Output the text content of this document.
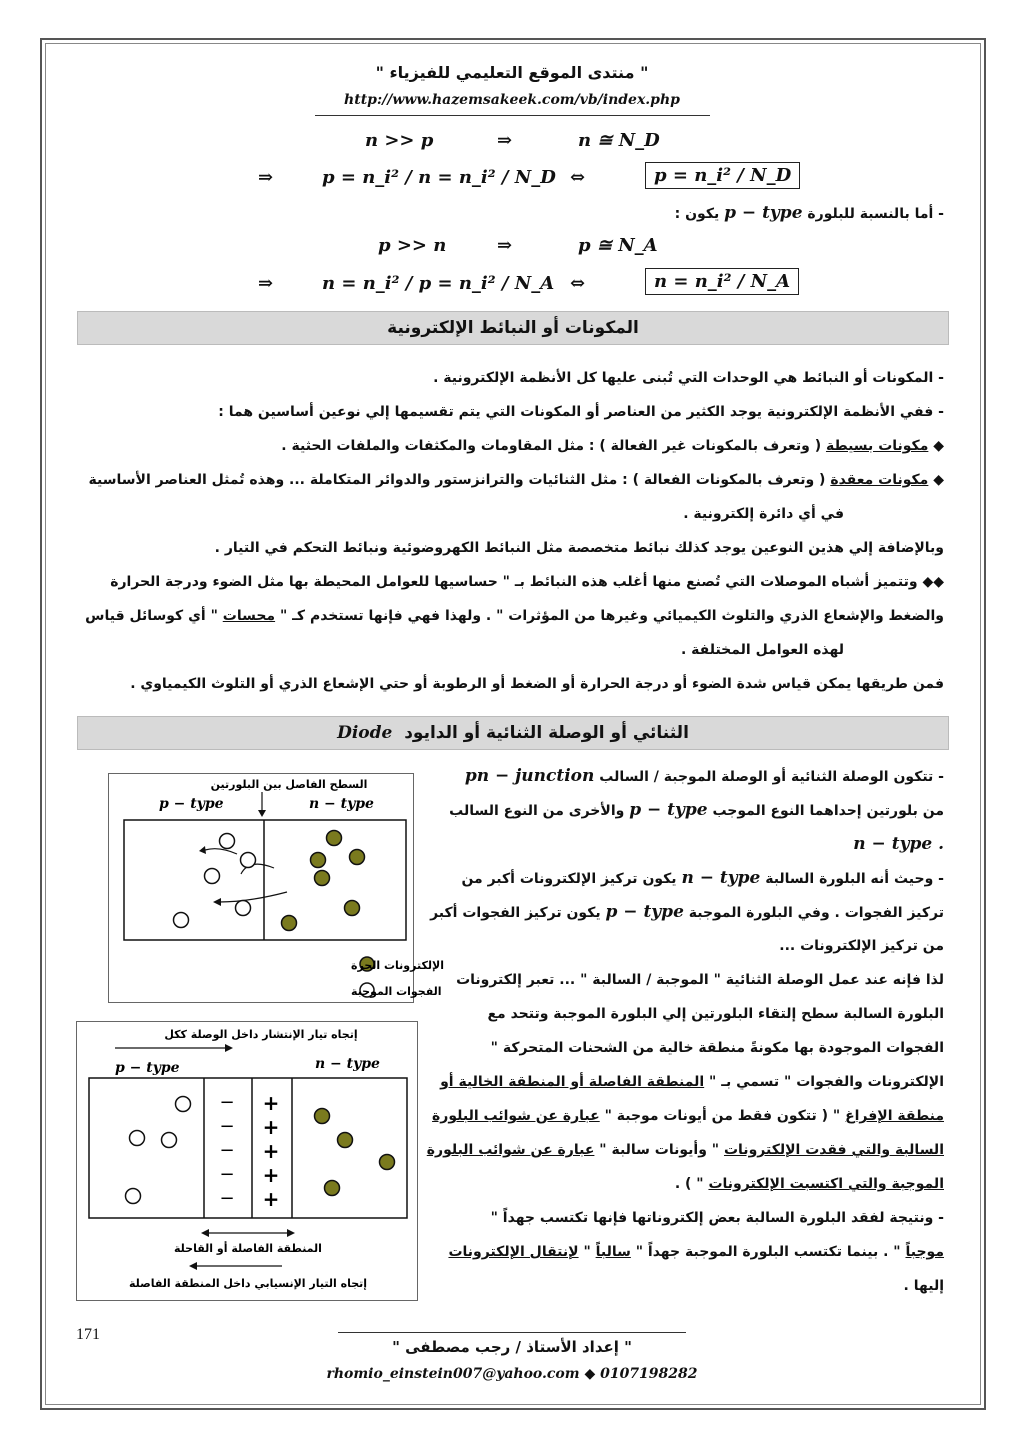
" منتدى الموقع التعليمي للفيزياء "
http://www.hazemsakeek.com/vb/index.php
n >> p	⇒	n ≅ N_D
⇒	p = n_i² / n = n_i² / N_D ⇔	p = n_i² / N_D
- أما بالنسبة للبلورة p − type يكون :
p >> n	⇒	p ≅ N_A
⇒	n = n_i² / p = n_i² / N_A ⇔	n = n_i² / N_A
المكونات أو النبائط الإلكترونية
- المكونات أو النبائط هي الوحدات التي تُبنى عليها كل الأنظمة الإلكترونية .
- ففي الأنظمة الإلكترونية يوجد الكثير من العناصر أو المكونات التي يتم تقسيمها إلي نوعين أساسين هما :
◆ مكونات بسيطة ( وتعرف بالمكونات غير الفعالة ) : مثل المقاومات والمكثفات والملفات الحثية .
◆ مكونات معقدة ( وتعرف بالمكونات الفعالة ) : مثل الثنائيات والترانزستور والدوائر المتكاملة ... وهذه تُمثل العناصر الأساسية
في أي دائرة إلكترونية .
وبالإضافة إلي هذين النوعين يوجد كذلك نبائط متخصصة مثل النبائط الكهروضوئية ونبائط التحكم في التيار .
◆◆ وتتميز أشباه الموصلات التي تُصنع منها أغلب هذه النبائط بـ " حساسيها للعوامل المحيطة بها مثل الضوء ودرجة الحرارة
والضغط والإشعاع الذري والتلوث الكيميائي وغيرها من المؤثرات " . ولهذا فهي فإنها تستخدم كـ " محسات " أي كوسائل قياس
لهذه العوامل المختلفة .
فمن طريقها يمكن قياس شدة الضوء أو درجة الحرارة أو الضغط أو الرطوبة أو حتي الإشعاع الذري أو التلوث الكيمياوي .
الثنائي أو الوصلة الثنائية أو الدايود  Diode
- تتكون الوصلة الثنائية أو الوصلة الموجبة / السالب pn − junction
من بلورتين إحداهما النوع الموجب p − type والأخرى من النوع السالب
n − type .
- وحيث أنه البلورة السالبة n − type يكون تركيز الإلكترونات أكبر من
تركيز الفجوات . وفي البلورة الموجبة p − type يكون تركيز الفجوات أكبر
من تركيز الإلكترونات ...
لذا فإنه عند عمل الوصلة الثنائية " الموجبة / السالبة " ... تعبر إلكترونات
البلورة السالبة سطح إلتقاء البلورتين إلي البلورة الموجبة وتتحد مع
الفجوات الموجودة بها مكونةً منطقة خالية من الشحنات المتحركة "
الإلكترونات والفجوات " تسمي بـ " المنطقة الفاصلة أو المنطقة الخالية أو
منطقة الإفراغ " ( تتكون فقط من أيونات موجبة " عبارة عن شوائب البلورة
السالبة والتي فقدت الإلكترونات " وأيونات سالبة " عبارة عن شوائب البلورة
الموجبة والتي اكتسبت الإلكترونات " ) .
- ونتيجة لفقد البلورة السالبة بعض إلكتروناتها فإنها تكتسب جهداً "
موجباً " . بينما تكتسب البلورة الموجبة جهداً " سالباً " لإنتقال الإلكترونات
إليها .
السطح الفاصل بين البلورتين
p − type	n − type
الإلكترونات الحرة
الفجوات الموجبة
إتجاه تيار الإنتشار داخل الوصلة ككل
p − type	n − type
−
−
−
−
−
+
+
+
+
+
المنطقة الفاصلة أو القاحلة
إتجاه التيار الإنسيابي داخل المنطقة الفاصلة
171
" إعداد الأستاذ / رجب مصطفى "
rhomio_einstein007@yahoo.com ◆ 0107198282
